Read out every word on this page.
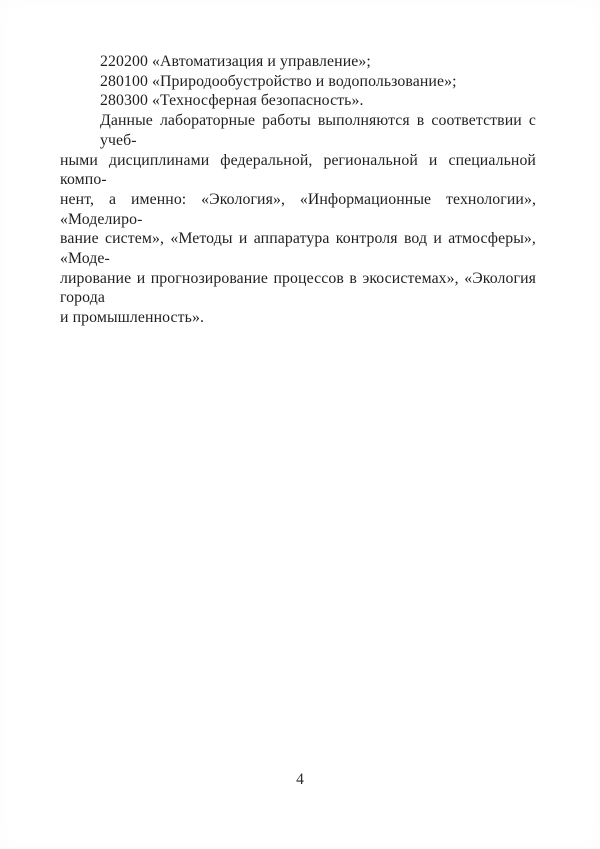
220200 «Автоматизация и управление»;
280100 «Природообустройство и водопользование»;
280300 «Техносферная безопасность».
Данные лабораторные работы выполняются в соответствии с учеб-
ными дисциплинами федеральной, региональной и специальной компо-
нент, а именно: «Экология», «Информационные технологии», «Моделиро-
вание систем», «Методы и аппаратура контроля вод и атмосферы», «Моде-
лирование и прогнозирование процессов в экосистемах», «Экология города
и промышленность».
4
